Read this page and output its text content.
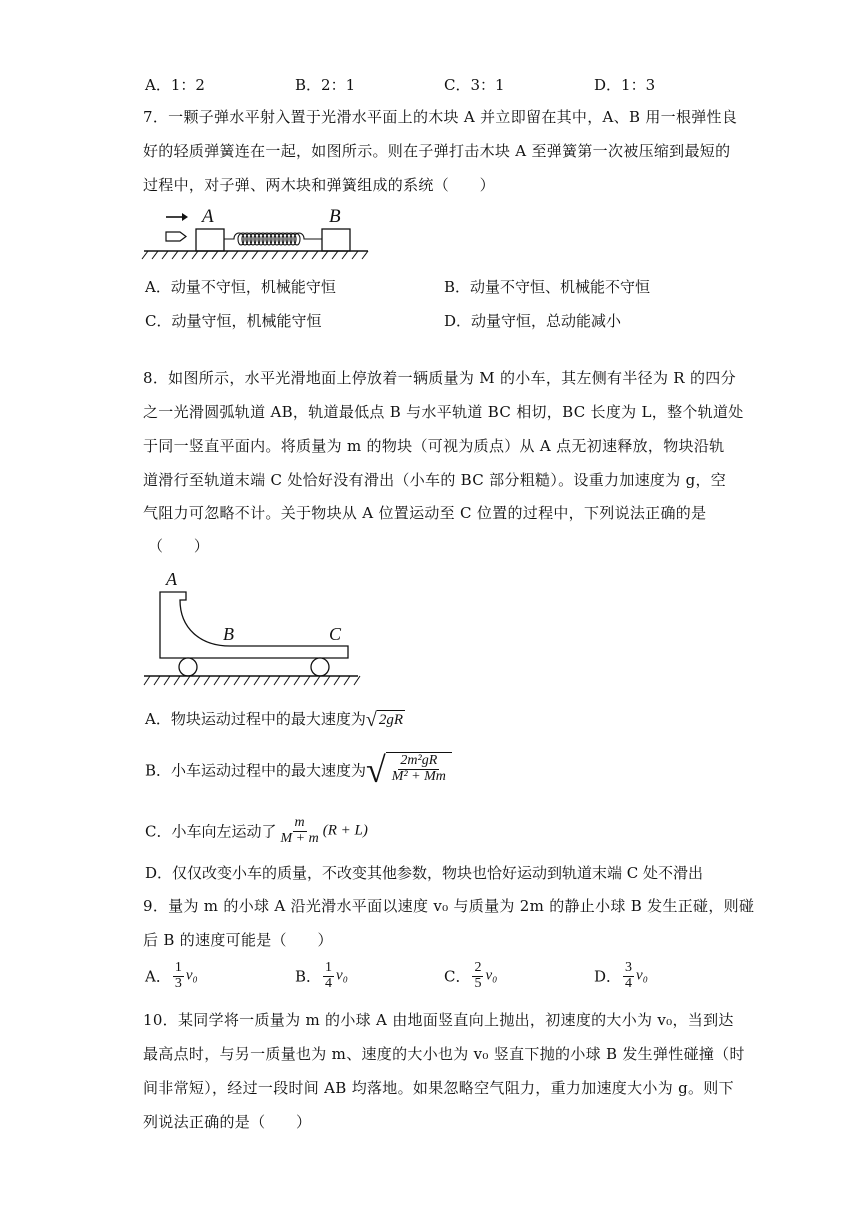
A．1：2	B．2：1	C．3：1	D．1：3
7．一颗子弹水平射入置于光滑水平面上的木块 A 并立即留在其中，A、B 用一根弹性良
好的轻质弹簧连在一起，如图所示。则在子弹打击木块 A 至弹簧第一次被压缩到最短的
过程中，对子弹、两木块和弹簧组成的系统（　　）
A	B
A．动量不守恒，机械能守恒	B．动量不守恒、机械能不守恒
C．动量守恒，机械能守恒	D．动量守恒，总动能减小
8．如图所示，水平光滑地面上停放着一辆质量为 M 的小车，其左侧有半径为 R 的四分
之一光滑圆弧轨道 AB，轨道最低点 B 与水平轨道 BC 相切，BC 长度为 L，整个轨道处
于同一竖直平面内。将质量为 m 的物块（可视为质点）从 A 点无初速释放，物块沿轨
道滑行至轨道末端 C 处恰好没有滑出（小车的 BC 部分粗糙）。设重力加速度为 g，空
气阻力可忽略不计。关于物块从 A 位置运动至 C 位置的过程中，下列说法正确的是
（　　）
A
B	C
A．物块运动过程中的最大速度为 √ 2gR
B．小车运动过程中的最大速度为 √ $\frac{\text{2m²gR}}{\text{M² + Mm}}$
C．小车向左运动了 $\frac{m}{M + m} (R + L)$
D．仅仅改变小车的质量，不改变其他参数，物块也恰好运动到轨道末端 C 处不滑出
9．量为 m 的小球 A 沿光滑水平面以速度 v₀ 与质量为 2m 的静止小球 B 发生正碰，则碰
后 B 的速度可能是（　　）
A． $\frac{1}{3} v_0$	B． $\frac{1}{4} v_0$	C． $\frac{2}{5} v_0$	D． $\frac{3}{4} v_0$
10．某同学将一质量为 m 的小球 A 由地面竖直向上抛出，初速度的大小为 v₀，当到达
最高点时，与另一质量也为 m、速度的大小也为 v₀ 竖直下抛的小球 B 发生弹性碰撞（时
间非常短），经过一段时间 AB 均落地。如果忽略空气阻力，重力加速度大小为 g。则下
列说法正确的是（　　）
